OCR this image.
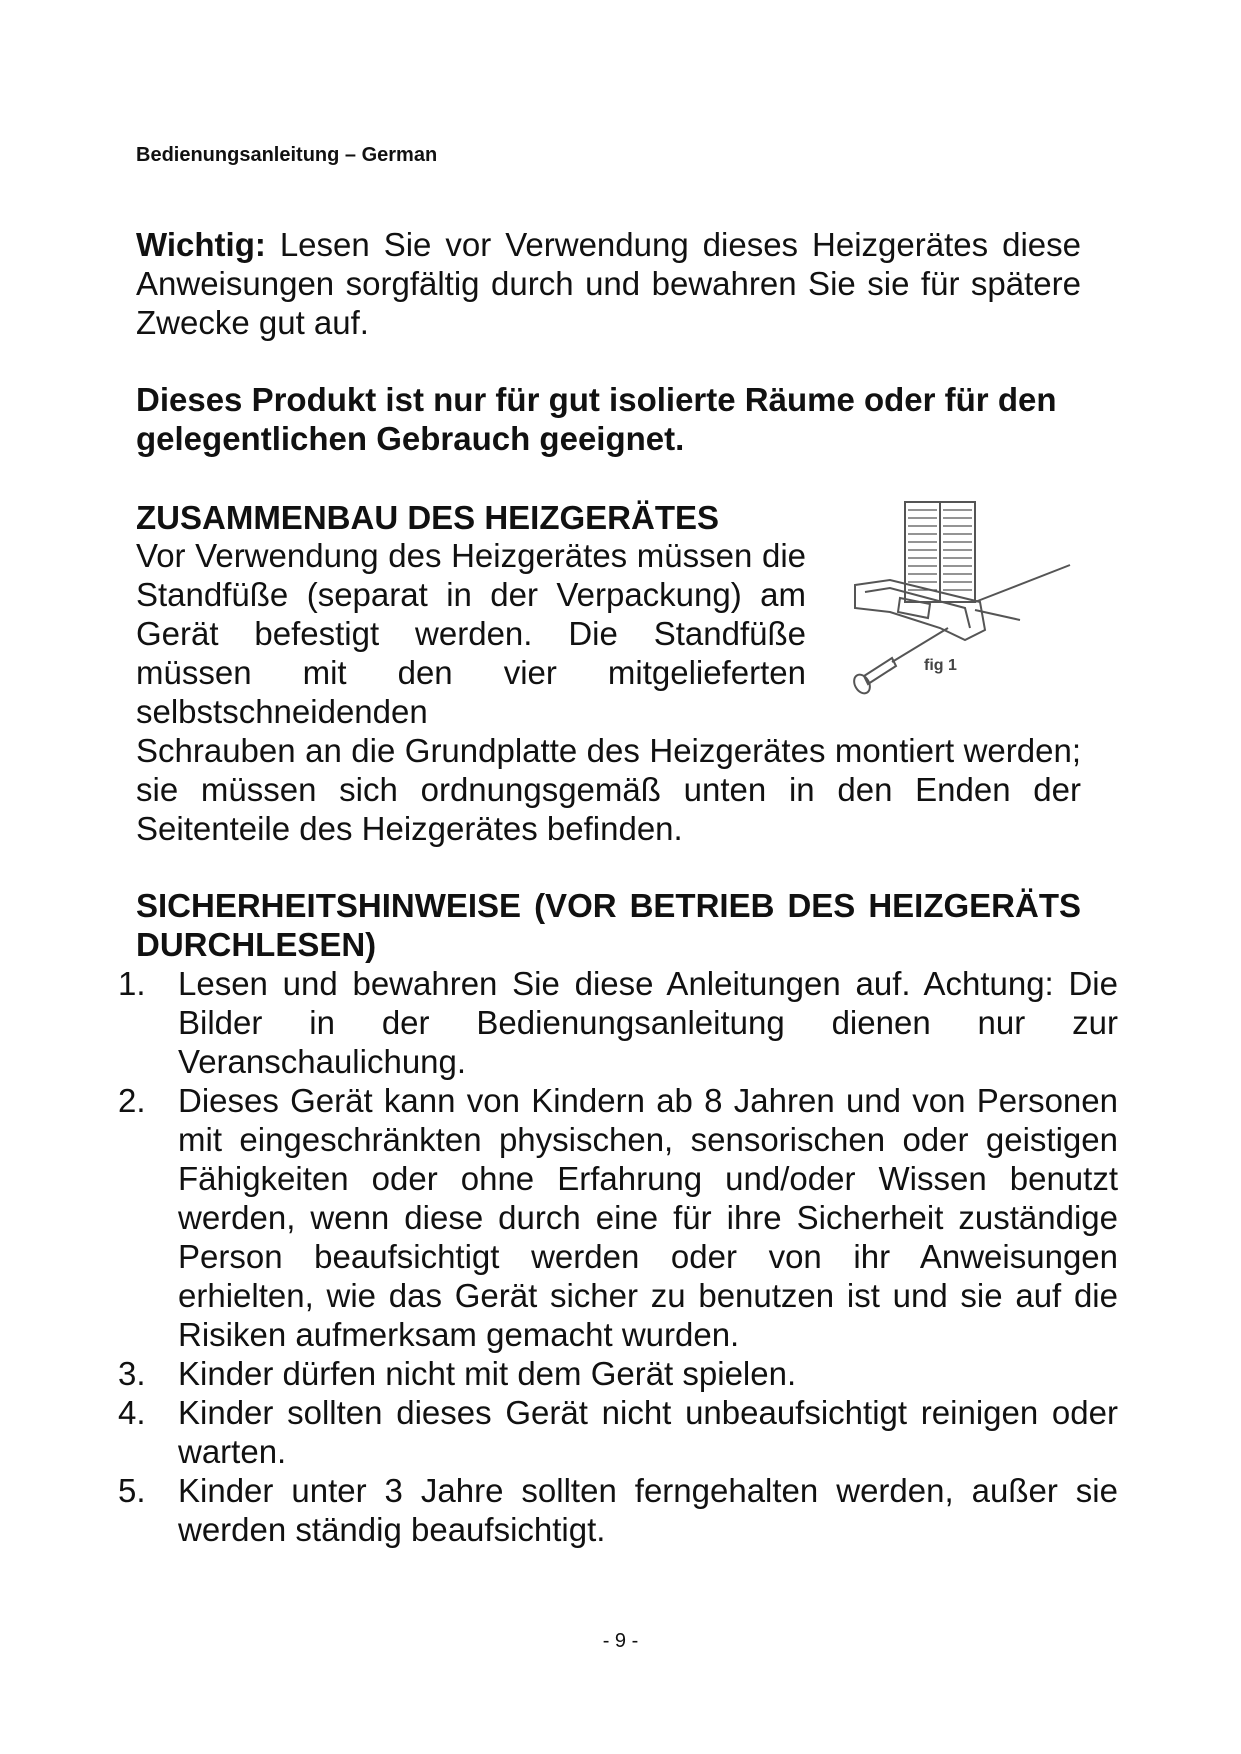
Bedienungsanleitung – German

Wichtig: Lesen Sie vor Verwendung dieses Heizgerätes diese Anweisungen sorgfältig durch und bewahren Sie sie für spätere Zwecke gut auf.

Dieses Produkt ist nur für gut isolierte Räume oder für den gelegentlichen Gebrauch geeignet.

ZUSAMMENBAU DES HEIZGERÄTES

Vor Verwendung des Heizgerätes müssen die Standfüße (separat in der Verpackung) am Gerät befestigt werden. Die Standfüße müssen mit den vier mitgelieferten selbstschneidenden

fig 1

Schrauben an die Grundplatte des Heizgerätes montiert werden; sie müssen sich ordnungsgemäß unten in den Enden der Seitenteile des Heizgerätes befinden.

SICHERHEITSHINWEISE (VOR BETRIEB DES HEIZGERÄTS DURCHLESEN)
1. Lesen und bewahren Sie diese Anleitungen auf. Achtung: Die Bilder in der Bedienungsanleitung dienen nur zur Veranschaulichung.
2. Dieses Gerät kann von Kindern ab 8 Jahren und von Personen mit eingeschränkten physischen, sensorischen oder geistigen Fähigkeiten oder ohne Erfahrung und/oder Wissen benutzt werden, wenn diese durch eine für ihre Sicherheit zuständige Person beaufsichtigt werden oder von ihr Anweisungen erhielten, wie das Gerät sicher zu benutzen ist und sie auf die Risiken aufmerksam gemacht wurden.
3. Kinder dürfen nicht mit dem Gerät spielen.
4. Kinder sollten dieses Gerät nicht unbeaufsichtigt reinigen oder warten.
5. Kinder unter 3 Jahre sollten ferngehalten werden, außer sie werden ständig beaufsichtigt.
- 9 -
